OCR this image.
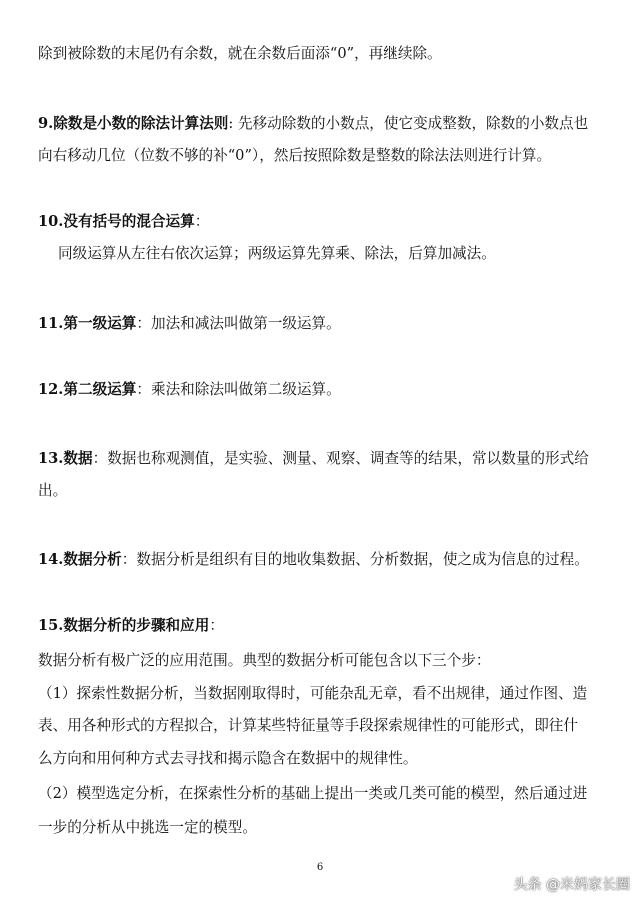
除到被除数的末尾仍有余数，就在余数后面添“0”，再继续除。
9.除数是小数的除法计算法则: 先移动除数的小数点，使它变成整数，除数的小数点也
向右移动几位（位数不够的补“0”），然后按照除数是整数的除法法则进行计算。
10.没有括号的混合运算：
同级运算从左往右依次运算；两级运算先算乘、除法，后算加减法。
11.第一级运算：加法和减法叫做第一级运算。
12.第二级运算：乘法和除法叫做第二级运算。
13.数据：数据也称观测值，是实验、测量、观察、调查等的结果，常以数量的形式给
出。
14.数据分析：数据分析是组织有目的地收集数据、分析数据，使之成为信息的过程。
15.数据分析的步骤和应用：
数据分析有极广泛的应用范围。典型的数据分析可能包含以下三个步：
（1）探索性数据分析，当数据刚取得时，可能杂乱无章，看不出规律，通过作图、造
表、用各种形式的方程拟合，计算某些特征量等手段探索规律性的可能形式，即往什
么方向和用何种方式去寻找和揭示隐含在数据中的规律性。
（2）模型选定分析，在探索性分析的基础上提出一类或几类可能的模型，然后通过进
一步的分析从中挑选一定的模型。
6
头条 @米妈家长圈
